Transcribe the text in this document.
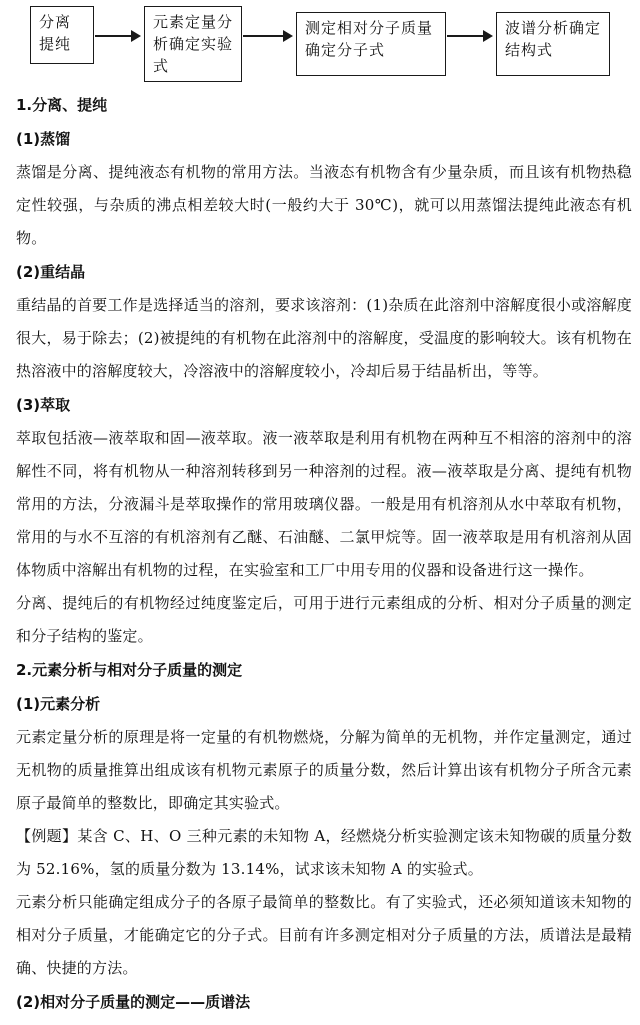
分离提纯
元素定量分析确定实验式
测定相对分子质量确定分子式
波谱分析确定结构式

1.分离、提纯

(1)蒸馏

蒸馏是分离、提纯液态有机物的常用方法。当液态有机物含有少量杂质，而且该有机物热稳定性较强，与杂质的沸点相差较大时(一般约大于 30℃)，就可以用蒸馏法提纯此液态有机物。

(2)重结晶

重结晶的首要工作是选择适当的溶剂，要求该溶剂：(1)杂质在此溶剂中溶解度很小或溶解度很大，易于除去；(2)被提纯的有机物在此溶剂中的溶解度，受温度的影响较大。该有机物在热溶液中的溶解度较大，冷溶液中的溶解度较小，冷却后易于结晶析出，等等。

(3)萃取

萃取包括液—液萃取和固—液萃取。液一液萃取是利用有机物在两种互不相溶的溶剂中的溶解性不同，将有机物从一种溶剂转移到另一种溶剂的过程。液—液萃取是分离、提纯有机物常用的方法，分液漏斗是萃取操作的常用玻璃仪器。一般是用有机溶剂从水中萃取有机物，常用的与水不互溶的有机溶剂有乙醚、石油醚、二氯甲烷等。固一液萃取是用有机溶剂从固体物质中溶解出有机物的过程，在实验室和工厂中用专用的仪器和设备进行这一操作。

分离、提纯后的有机物经过纯度鉴定后，可用于进行元素组成的分析、相对分子质量的测定和分子结构的鉴定。

2.元素分析与相对分子质量的测定

(1)元素分析

元素定量分析的原理是将一定量的有机物燃烧，分解为简单的无机物，并作定量测定，通过无机物的质量推算出组成该有机物元素原子的质量分数，然后计算出该有机物分子所含元素原子最简单的整数比，即确定其实验式。

【例题】某含 C、H、O 三种元素的未知物 A，经燃烧分析实验测定该未知物碳的质量分数为 52.16%，氢的质量分数为 13.14%，试求该未知物 A 的实验式。

元素分析只能确定组成分子的各原子最简单的整数比。有了实验式，还必须知道该未知物的相对分子质量，才能确定它的分子式。目前有许多测定相对分子质量的方法，质谱法是最精确、快捷的方法。

(2)相对分子质量的测定——质谱法
